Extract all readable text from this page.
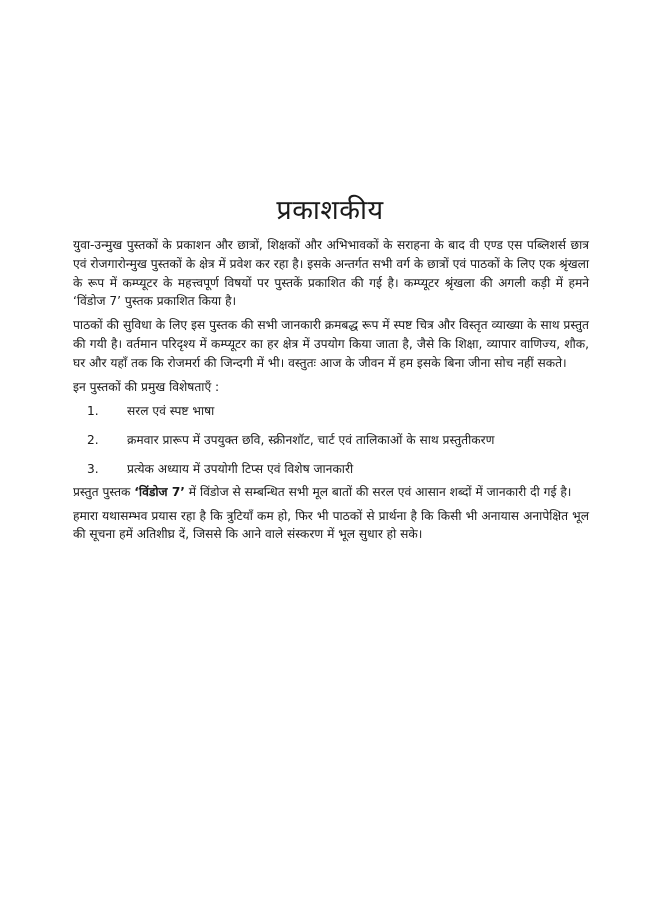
प्रकाशकीय

युवा-उन्मुख पुस्तकों के प्रकाशन और छात्रों, शिक्षकों और अभिभावकों के सराहना के बाद वी एण्ड एस पब्लिशर्स छात्र एवं रोजगारोन्मुख पुस्तकों के क्षेत्र में प्रवेश कर रहा है। इसके अन्तर्गत सभी वर्ग के छात्रों एवं पाठकों के लिए एक श्रृंखला के रूप में कम्प्यूटर के महत्त्वपूर्ण विषयों पर पुस्तकें प्रकाशित की गई है। कम्प्यूटर श्रृंखला की अगली कड़ी में हमने ‘विंडोज 7’ पुस्तक प्रकाशित किया है।

पाठकों की सुविधा के लिए इस पुस्तक की सभी जानकारी क्रमबद्ध रूप में स्पष्ट चित्र और विस्तृत व्याख्या के साथ प्रस्तुत की गयी है। वर्तमान परिदृश्य में कम्प्यूटर का हर क्षेत्र में उपयोग किया जाता है, जैसे कि शिक्षा, व्यापार वाणिज्य, शौक, घर और यहाँ तक कि रोजमर्रा की जिन्दगी में भी। वस्तुतः आज के जीवन में हम इसके बिना जीना सोच नहीं सकते।

इन पुस्तकों की प्रमुख विशेषताएँ :

1.	सरल एवं स्पष्ट भाषा
2.	क्रमवार प्रारूप में उपयुक्त छवि, स्क्रीनशॉट, चार्ट एवं तालिकाओं के साथ प्रस्तुतीकरण
3.	प्रत्येक अध्याय में उपयोगी टिप्स एवं विशेष जानकारी

प्रस्तुत पुस्तक ‘विंडोज 7’ में विंडोज से सम्बन्धित सभी मूल बातों की सरल एवं आसान शब्दों में जानकारी दी गई है।

हमारा यथासम्भव प्रयास रहा है कि त्रुटियाँ कम हो, फिर भी पाठकों से प्रार्थना है कि किसी भी अनायास अनापेक्षित भूल की सूचना हमें अतिशीघ्र दें, जिससे कि आने वाले संस्करण में भूल सुधार हो सके।
